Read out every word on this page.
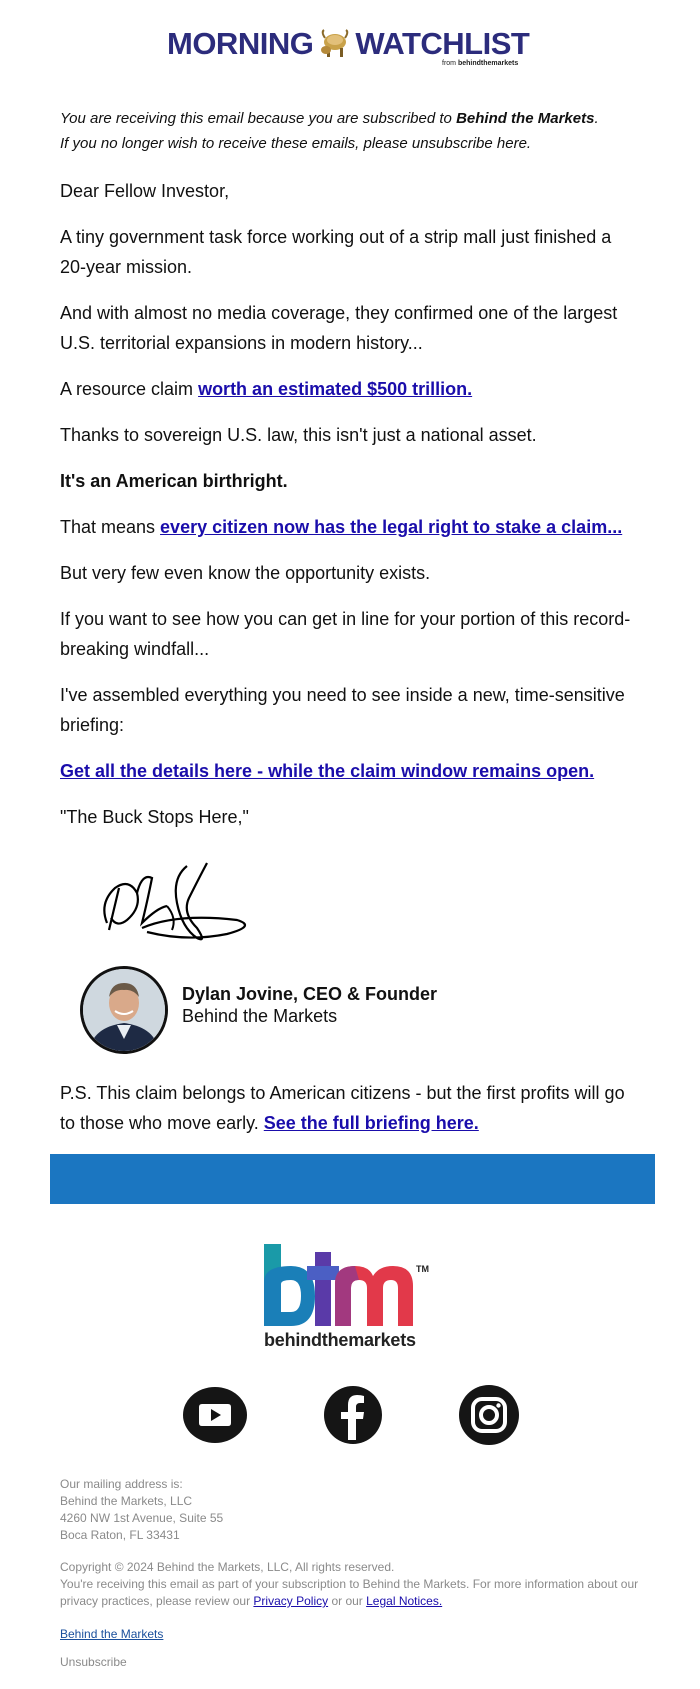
MORNING WATCHLIST
from behindthemarkets
You are receiving this email because you are subscribed to Behind the Markets.
If you no longer wish to receive these emails, please unsubscribe here.

Dear Fellow Investor,

A tiny government task force working out of a strip mall just finished a 20-year mission.

And with almost no media coverage, they confirmed one of the largest U.S. territorial expansions in modern history...

A resource claim worth an estimated $500 trillion.

Thanks to sovereign U.S. law, this isn't just a national asset.

It's an American birthright.

That means every citizen now has the legal right to stake a claim...

But very few even know the opportunity exists.

If you want to see how you can get in line for your portion of this record-breaking windfall...

I've assembled everything you need to see inside a new, time-sensitive briefing:

Get all the details here - while the claim window remains open.

"The Buck Stops Here,"

Dylan Jovine, CEO & Founder
Behind the Markets

P.S. This claim belongs to American citizens - but the first profits will go to those who move early. See the full briefing here.

TM
behindthemarkets
Our mailing address is:
Behind the Markets, LLC
4260 NW 1st Avenue, Suite 55
Boca Raton, FL 33431
Copyright © 2024 Behind the Markets, LLC, All rights reserved.
You're receiving this email as part of your subscription to Behind the Markets. For more information about our privacy practices, please review our Privacy Policy or our Legal Notices.
Behind the Markets
Unsubscribe
